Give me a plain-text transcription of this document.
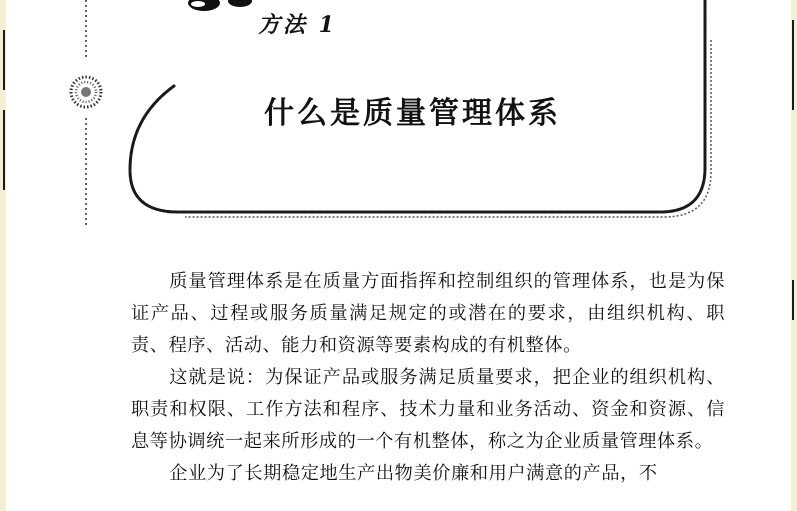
方法 1
什么是质量管理体系

质量管理体系是在质量方面指挥和控制组织的管理体系，也是为保证产品、过程或服务质量满足规定的或潜在的要求，由组织机构、职责、程序、活动、能力和资源等要素构成的有机整体。

这就是说：为保证产品或服务满足质量要求，把企业的组织机构、职责和权限、工作方法和程序、技术力量和业务活动、资金和资源、信息等协调统一起来所形成的一个有机整体，称之为企业质量管理体系。

企业为了长期稳定地生产出物美价廉和用户满意的产品，不
